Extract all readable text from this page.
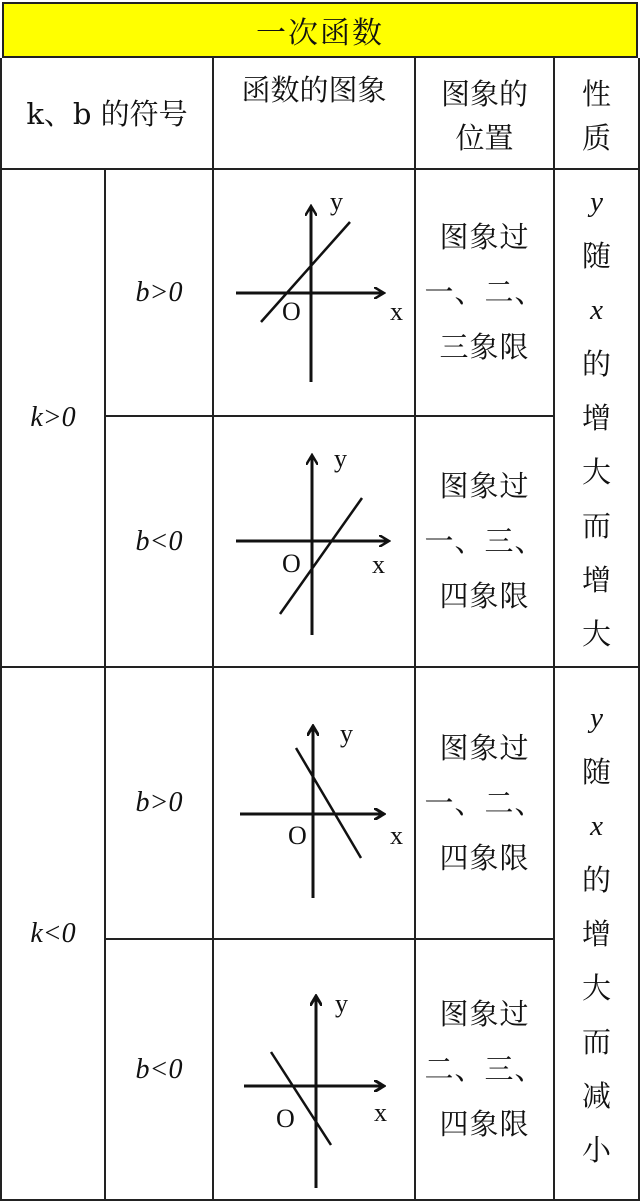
一次函数
k、b 的符号
函数的图象 图象的
位置
性
质
k>0
k<0
b>0
b<0
b>0
b<0
y
x
O
y
x
O
y
x
O
y
x
O
图象过
一、二、
三象限
图象过
一、三、
四象限
图象过
一、二、
四象限
图象过
二、三、
四象限
y
随
x
的
增
大
而
增
大
y
随
x
的
增
大
而
减
小
